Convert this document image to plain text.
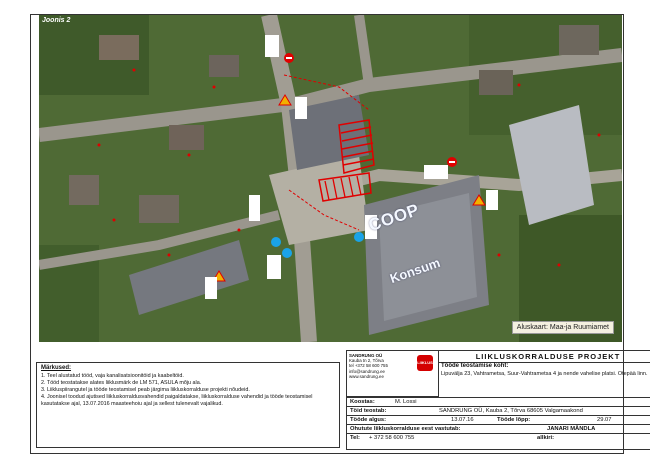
Joonis 2
COOP
Konsum
Aluskaart: Maa-ja Ruumiamet
Märkused:
1. Teel alustatud tööd, vaja kanalisatsioonitöid ja kaabeltöid.
2. Tööd teostatakse alates liiklusmärk de LM 571, ASULA mõju ala.
3. Liikluspiirangutel ja tööde teostamisel peab järgima liikluskorralduse projekti nõudeid.
4. Joonisel toodud ajutised liikluskorraldusvahendid paigaldatakse, liikluskorralduse vahendid ja tööde teostamisel kasutatakse ajal, 13.07.2016 maasteehoiu ajal ja sellest tulenevalt vajalikud.
SANDRUNG OÜ
Kauba tn 2, Tõrva
tel +372 58 600 755
info@sandrung.ee
www.sandrung.ee
LIIKLUS STOPP
LIIKLUSKORRALDUSE PROJEKT
Tööde teostamise koht:
Lipuvälja 23, Vahtrametsa, Suur-Vahtrametsa 4 ja nende vahelise platsi. Otepää linn.
Koostas:	M. Lossi
Töid teostab:	SANDRUNG OÜ, Kauba 2, Tõrva 68605 Valgamaakond
Tööde algus:	13.07.16	Tööde lõpp:	29.07
Ohutute liikluskorralduse eest vastutab:	JANARI MÄNDLA
Tel: + 372 58 600 755	allkiri:
